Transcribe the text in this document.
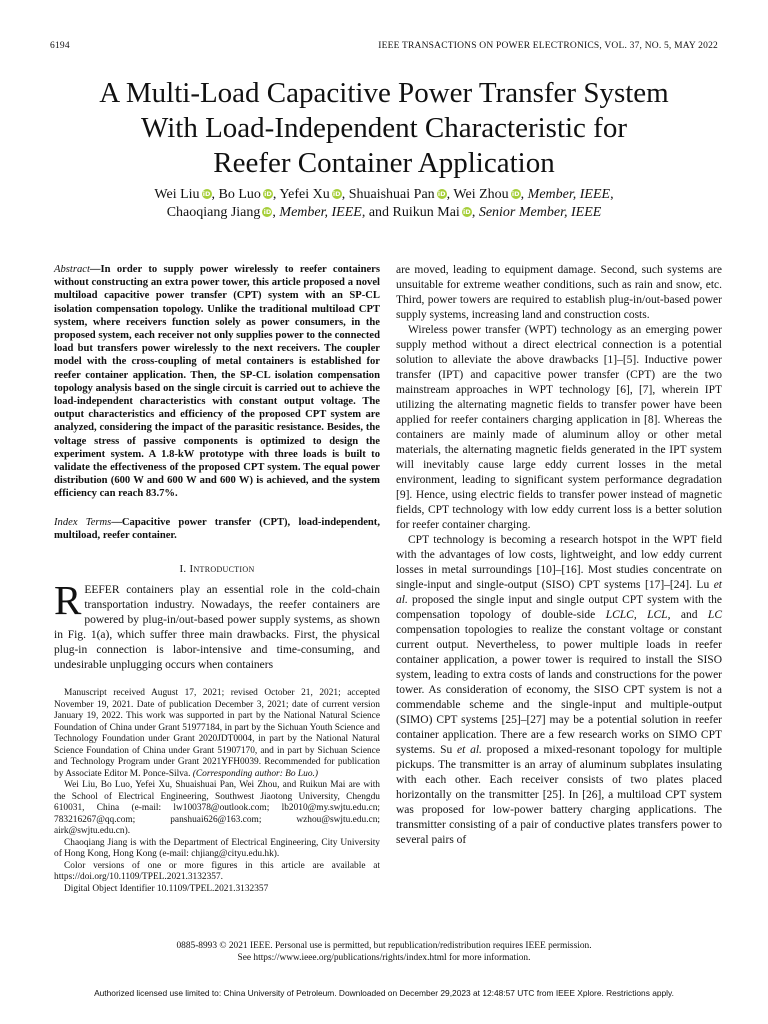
6194	IEEE TRANSACTIONS ON POWER ELECTRONICS, VOL. 37, NO. 5, MAY 2022
A Multi-Load Capacitive Power Transfer System
With Load-Independent Characteristic for
Reefer Container Application
Wei Liu iD, Bo Luo iD, Yefei Xu iD, Shuaishuai Pan iD, Wei Zhou iD, Member, IEEE,
Chaoqiang Jiang iD, Member, IEEE, and Ruikun Mai iD, Senior Member, IEEE
Abstract—In order to supply power wirelessly to reefer containers without constructing an extra power tower, this article proposed a novel multiload capacitive power transfer (CPT) system with an SP-CL isolation compensation topology. Unlike the traditional multiload CPT system, where receivers function solely as power consumers, in the proposed system, each receiver not only supplies power to the connected load but transfers power wirelessly to the next receivers. The coupler model with the cross-coupling of metal containers is established for reefer container application. Then, the SP-CL isolation compensation topology analysis based on the single circuit is carried out to achieve the load-independent characteristics with constant output voltage. The output characteristics and efficiency of the proposed CPT system are analyzed, considering the impact of the parasitic resistance. Besides, the voltage stress of passive components is optimized to design the experiment system. A 1.8-kW prototype with three loads is built to validate the effectiveness of the proposed CPT system. The equal power distribution (600 W and 600 W and 600 W) is achieved, and the system efficiency can reach 83.7%.
Index Terms—Capacitive power transfer (CPT), load-independent, multiload, reefer container.
I. Introduction
REEFER containers play an essential role in the cold-chain transportation industry. Nowadays, the reefer containers are powered by plug-in/out-based power supply systems, as shown in Fig. 1(a), which suffer three main drawbacks. First, the physical plug-in connection is labor-intensive and time-consuming, and undesirable unplugging occurs when containers

Manuscript received August 17, 2021; revised October 21, 2021; accepted November 19, 2021. Date of publication December 3, 2021; date of current version January 19, 2022. This work was supported in part by the National Natural Science Foundation of China under Grant 51977184, in part by the Sichuan Youth Science and Technology Foundation under Grant 2020JDT0004, in part by the National Natural Science Foundation of China under Grant 51907170, and in part by Sichuan Science and Technology Program under Grant 2021YFH0039. Recommended for publication by Associate Editor M. Ponce-Silva. (Corresponding author: Bo Luo.)

Wei Liu, Bo Luo, Yefei Xu, Shuaishuai Pan, Wei Zhou, and Ruikun Mai are with the School of Electrical Engineering, Southwest Jiaotong University, Chengdu 610031, China (e-mail: lw100378@outlook.com; lb2010@my.swjtu.edu.cn; 783216267@qq.com; panshuai626@163.com; wzhou@swjtu.edu.cn; airk@swjtu.edu.cn).

Chaoqiang Jiang is with the Department of Electrical Engineering, City University of Hong Kong, Hong Kong (e-mail: chjiang@cityu.edu.hk).

Color versions of one or more figures in this article are available at https://doi.org/10.1109/TPEL.2021.3132357.

Digital Object Identifier 10.1109/TPEL.2021.3132357

are moved, leading to equipment damage. Second, such systems are unsuitable for extreme weather conditions, such as rain and snow, etc. Third, power towers are required to establish plug-in/out-based power supply systems, increasing land and construction costs.

Wireless power transfer (WPT) technology as an emerging power supply method without a direct electrical connection is a potential solution to alleviate the above drawbacks [1]–[5]. Inductive power transfer (IPT) and capacitive power transfer (CPT) are the two mainstream approaches in WPT technology [6], [7], wherein IPT utilizing the alternating magnetic fields to transfer power have been applied for reefer containers charging application in [8]. Whereas the containers are mainly made of aluminum alloy or other metal materials, the alternating magnetic fields generated in the IPT system will inevitably cause large eddy current losses in the metal environment, leading to significant system performance degradation [9]. Hence, using electric fields to transfer power instead of magnetic fields, CPT technology with low eddy current loss is a better solution for reefer container charging.

CPT technology is becoming a research hotspot in the WPT field with the advantages of low costs, lightweight, and low eddy current losses in metal surroundings [10]–[16]. Most studies concentrate on single-input and single-output (SISO) CPT systems [17]–[24]. Lu et al. proposed the single input and single output CPT system with the compensation topology of double-side LCLC, LCL, and LC compensation topologies to realize the constant voltage or constant current output. Nevertheless, to power multiple loads in reefer container application, a power tower is required to install the SISO system, leading to extra costs of lands and constructions for the power tower. As consideration of economy, the SISO CPT system is not a commendable scheme and the single-input and multiple-output (SIMO) CPT systems [25]–[27] may be a potential solution in reefer container application. There are a few research works on SIMO CPT systems. Su et al. proposed a mixed-resonant topology for multiple pickups. The transmitter is an array of aluminum subplates insulating with each other. Each receiver consists of two plates placed horizontally on the transmitter [25]. In [26], a multiload CPT system was proposed for low-power battery charging applications. The transmitter consisting of a pair of conductive plates transfers power to several pairs of

0885-8993 © 2021 IEEE. Personal use is permitted, but republication/redistribution requires IEEE permission.
See https://www.ieee.org/publications/rights/index.html for more information.
Authorized licensed use limited to: China University of Petroleum. Downloaded on December 29,2023 at 12:48:57 UTC from IEEE Xplore. Restrictions apply.
